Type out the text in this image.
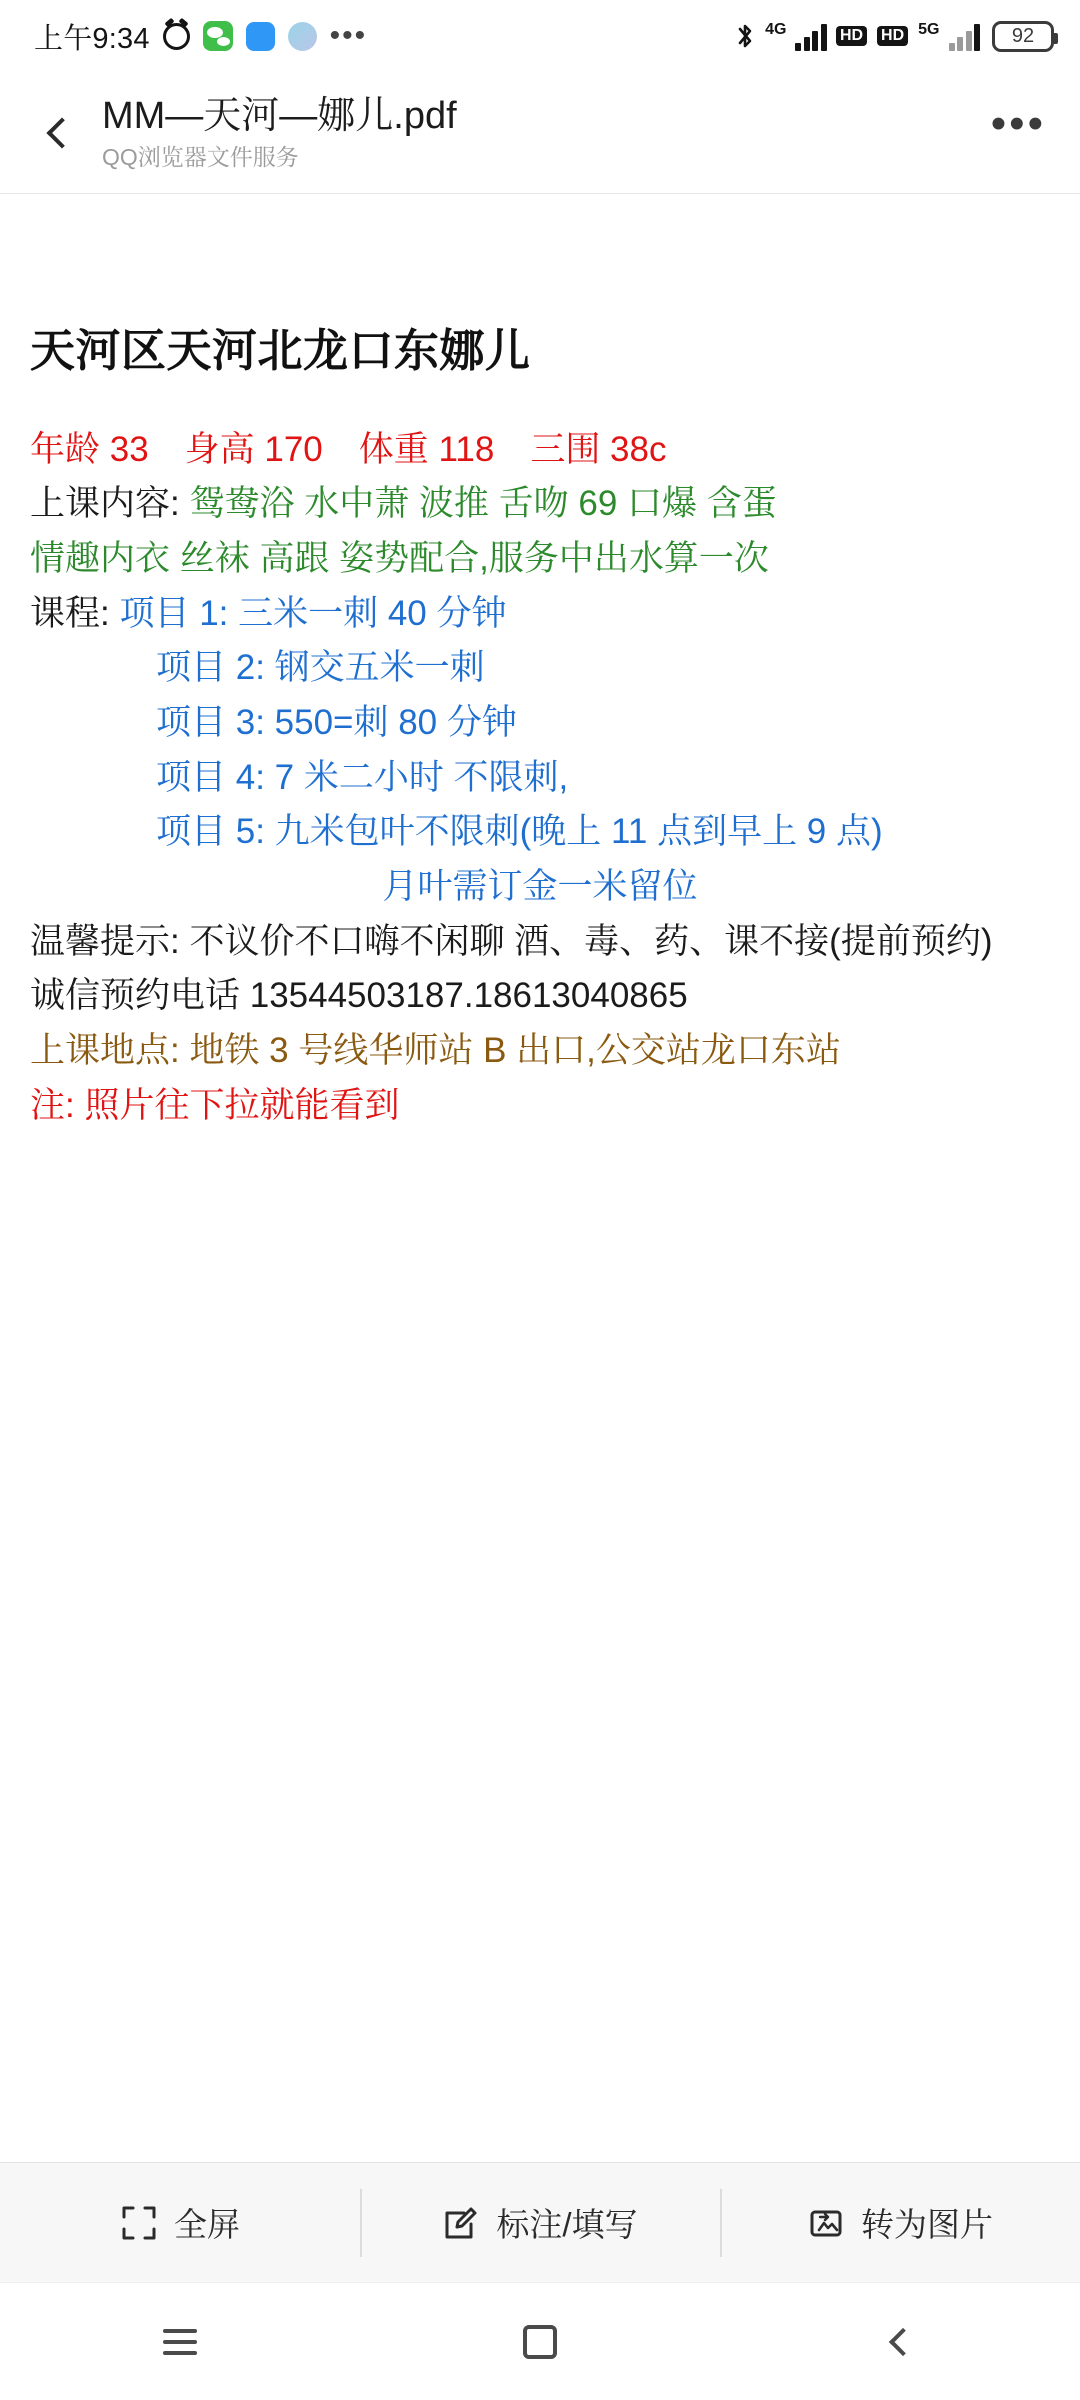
上午9:34	•••	4G	HD HD 5G	92
MM—天河—娜儿.pdf
QQ浏览器文件服务
•••
天河区天河北龙口东娜儿
年龄 33 身高 170 体重 118 三围 38c
上课内容: 鸳鸯浴 水中萧 波推 舌吻 69 口爆 含蛋
情趣内衣 丝袜 高跟 姿势配合,服务中出水算一次
课程: 项目 1: 三米一刺 40 分钟
项目 2: 钢交五米一刺
项目 3: 550=刺 80 分钟
项目 4: 7 米二小时 不限刺,
项目 5: 九米包叶不限刺(晚上 11 点到早上 9 点)
月叶需订金一米留位
温馨提示: 不议价不口嗨不闲聊 酒、毒、药、课不接(提前预约)
诚信预约电话 13544503187.18613040865
上课地点: 地铁 3 号线华师站 B 出口,公交站龙口东站
注: 照片往下拉就能看到
全屏	标注/填写	转为图片
